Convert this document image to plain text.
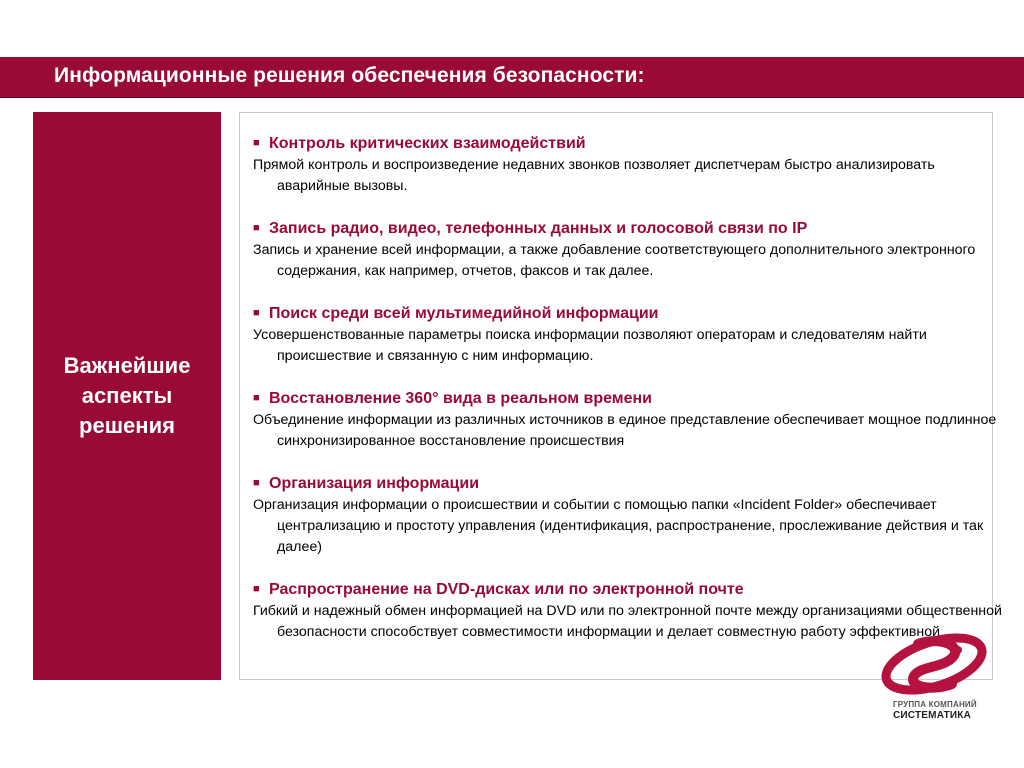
Информационные решения обеспечения безопасности:
Важнейшие аспекты решения
■ Контроль критических взаимодействий
Прямой контроль и воспроизведение недавних звонков позволяет диспетчерам быстро анализировать аварийные вызовы.
■ Запись радио, видео, телефонных данных и голосовой связи по IP
Запись и хранение всей информации, а также добавление соответствующего дополнительного электронного содержания, как например, отчетов, факсов и так далее.
■ Поиск среди всей мультимедийной информации
Усовершенствованные параметры поиска информации позволяют операторам и следователям найти происшествие и связанную с ним информацию.
■ Восстановление 360° вида в реальном времени
Объединение информации из различных источников в единое представление обеспечивает мощное подлинное синхронизированное восстановление происшествия
■ Организация информации
Организация информации о происшествии и событии с помощью папки «Incident Folder» обеспечивает централизацию и простоту управления (идентификация, распространение, прослеживание действия и так далее)
■ Распространение на DVD-дисках или по электронной почте
Гибкий и надежный обмен информацией на DVD или по электронной почте между организациями общественной безопасности способствует совместимости информации и делает совместную работу эффективной
ГРУППА КОМПАНИЙ
СИСТЕМАТИКА
